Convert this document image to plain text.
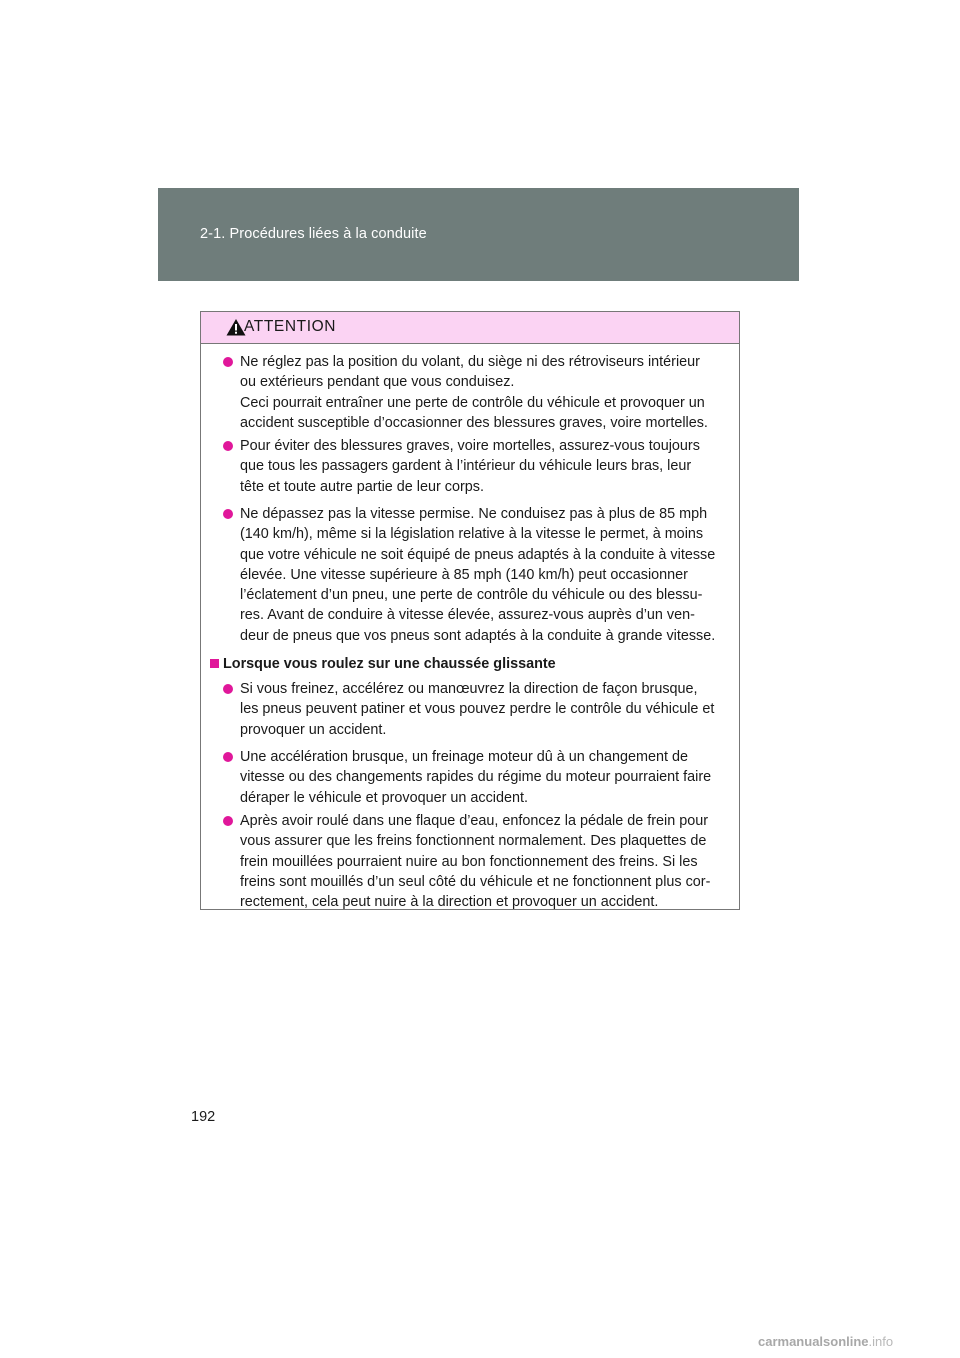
2-1. Procédures liées à la conduite
ATTENTION
Ne réglez pas la position du volant, du siège ni des rétroviseurs intérieur
ou extérieurs pendant que vous conduisez.
Ceci pourrait entraîner une perte de contrôle du véhicule et provoquer un
accident susceptible d’occasionner des blessures graves, voire mortelles.
Pour éviter des blessures graves, voire mortelles, assurez-vous toujours
que tous les passagers gardent à l’intérieur du véhicule leurs bras, leur
tête et toute autre partie de leur corps.
Ne dépassez pas la vitesse permise. Ne conduisez pas à plus de 85 mph
(140 km/h), même si la législation relative à la vitesse le permet, à moins
que votre véhicule ne soit équipé de pneus adaptés à la conduite à vitesse
élevée. Une vitesse supérieure à 85 mph (140 km/h) peut occasionner
l’éclatement d’un pneu, une perte de contrôle du véhicule ou des blessu-
res. Avant de conduire à vitesse élevée, assurez-vous auprès d’un ven-
deur de pneus que vos pneus sont adaptés à la conduite à grande vitesse.
Lorsque vous roulez sur une chaussée glissante
Si vous freinez, accélérez ou manœuvrez la direction de façon brusque,
les pneus peuvent patiner et vous pouvez perdre le contrôle du véhicule et
provoquer un accident.
Une accélération brusque, un freinage moteur dû à un changement de
vitesse ou des changements rapides du régime du moteur pourraient faire
déraper le véhicule et provoquer un accident.
Après avoir roulé dans une flaque d’eau, enfoncez la pédale de frein pour
vous assurer que les freins fonctionnent normalement. Des plaquettes de
frein mouillées pourraient nuire au bon fonctionnement des freins. Si les
freins sont mouillés d’un seul côté du véhicule et ne fonctionnent plus cor-
rectement, cela peut nuire à la direction et provoquer un accident.
192
carmanualsonline.info
